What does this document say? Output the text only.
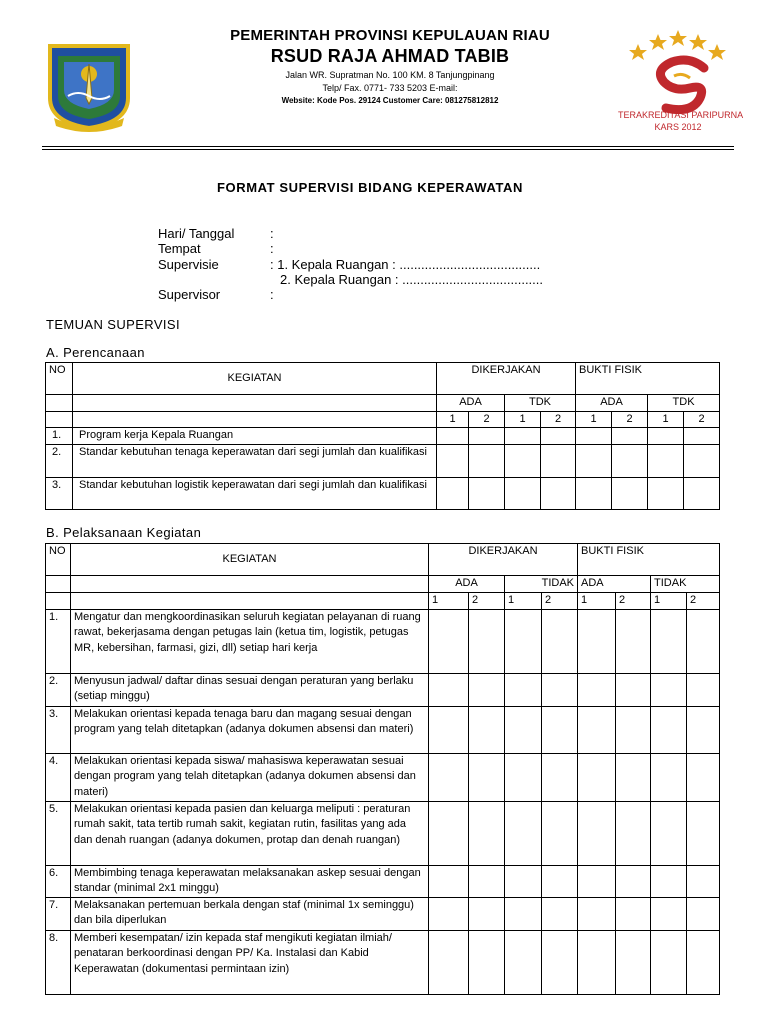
PEMERINTAH PROVINSI KEPULAUAN RIAU
RSUD RAJA AHMAD TABIB
Jalan WR. Supratman No. 100 KM. 8 Tanjungpinang
Telp/ Fax. 0771- 733 5203 E-mail:
Website: Kode Pos. 29124 Customer Care: 081275812812
TERAKREDITASI PARIPURNA
KARS 2012
FORMAT SUPERVISI BIDANG KEPERAWATAN
Hari/ Tanggal	:
Tempat	:
Supervisie	: 1. Kepala Ruangan : .......................................
2. Kepala Ruangan : .......................................
Supervisor	:
TEMUAN SUPERVISI
A. Perencanaan
NO	KEGIATAN	DIKERJAKAN				BUKTI FISIK			
		ADA		TDK		ADA		TDK	
		1	2	1	2	1	2	1	2
1.	Program kerja Kepala Ruangan								
2.	Standar kebutuhan tenaga keperawatan dari segi jumlah dan kualifikasi								
3.	Standar kebutuhan logistik keperawatan dari segi jumlah dan kualifikasi								
B. Pelaksanaan Kegiatan
NO	KEGIATAN	DIKERJAKAN				BUKTI FISIK			
		ADA		TIDAK		ADA		TIDAK	
		1	2	1	2	1	2	1	2
1.	Mengatur dan mengkoordinasikan seluruh kegiatan pelayanan di ruang rawat, bekerjasama dengan petugas lain (ketua tim, logistik, petugas MR, kebersihan, farmasi, gizi, dll) setiap hari kerja								
2.	Menyusun jadwal/ daftar dinas sesuai dengan peraturan yang berlaku (setiap minggu)								
3.	Melakukan orientasi kepada tenaga baru dan magang sesuai dengan program yang telah ditetapkan (adanya dokumen absensi dan materi)								
4.	Melakukan orientasi kepada siswa/ mahasiswa keperawatan sesuai dengan program yang telah ditetapkan (adanya dokumen absensi dan materi)								
5.	Melakukan orientasi kepada pasien dan keluarga meliputi : peraturan rumah sakit, tata tertib rumah sakit, kegiatan rutin, fasilitas yang ada dan denah ruangan (adanya dokumen, protap dan denah ruangan)								
6.	Membimbing tenaga keperawatan melaksanakan askep sesuai dengan standar (minimal 2x1 minggu)								
7.	Melaksanakan pertemuan berkala dengan staf (minimal 1x seminggu) dan bila diperlukan								
8.	Memberi kesempatan/ izin kepada staf mengikuti kegiatan ilmiah/ penataran berkoordinasi dengan PP/ Ka. Instalasi dan Kabid Keperawatan (dokumentasi permintaan izin)								
